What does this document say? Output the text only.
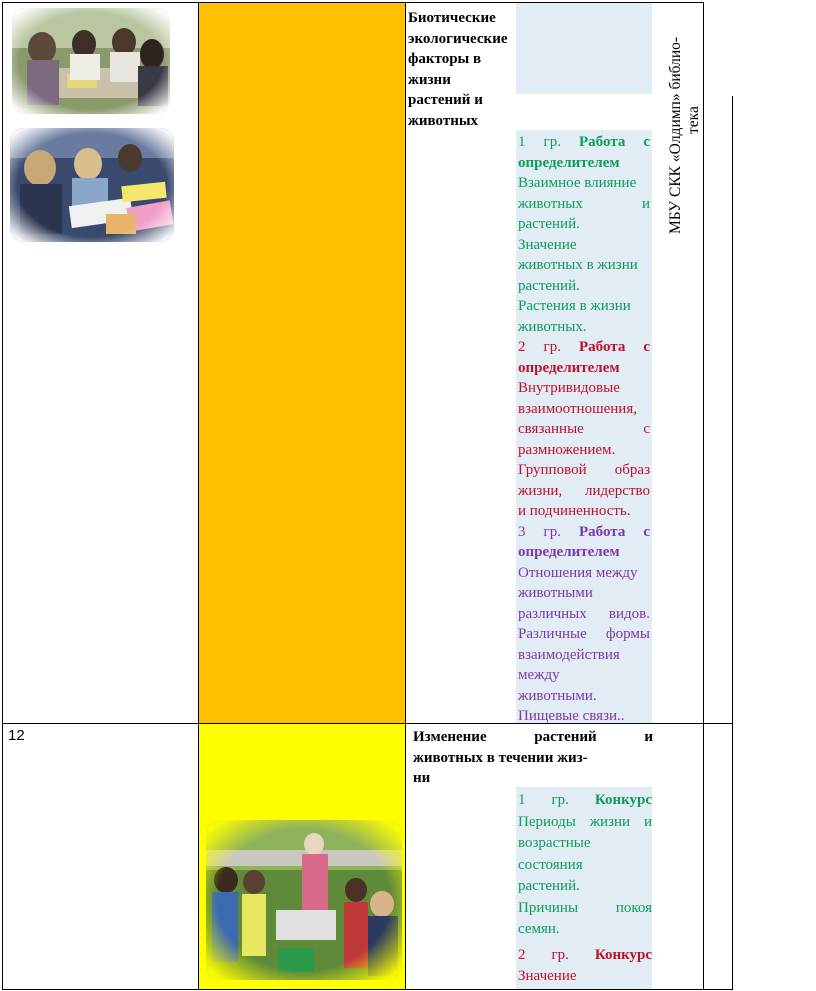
Биотические
экологические
факторы в
жизни
растений и
животных
1 гр. Работа с
определителем
Взаимное влияние
животных и
растений.
Значение
животных в жизни
растений.
Растения в жизни
животных.
2 гр. Работа с
определителем
Внутривидовые
взаимоотношения,
связанные с
размножением.
Групповой образ
жизни, лидерство
и подчиненность.
3 гр. Работа с
определителем
Отношения между
животными
различных видов.
Различные формы
взаимодействия
между
животными.
Пищевые связи..
МБУ СКК «Олдимп» библио- тека
12	Изменение растений и
животных в течении жиз-
ни
1 гр. Конкурс
Периоды жизни и
возрастные
состояния
растений.
Причины покоя
семян.
2 гр. Конкурс
Значение
